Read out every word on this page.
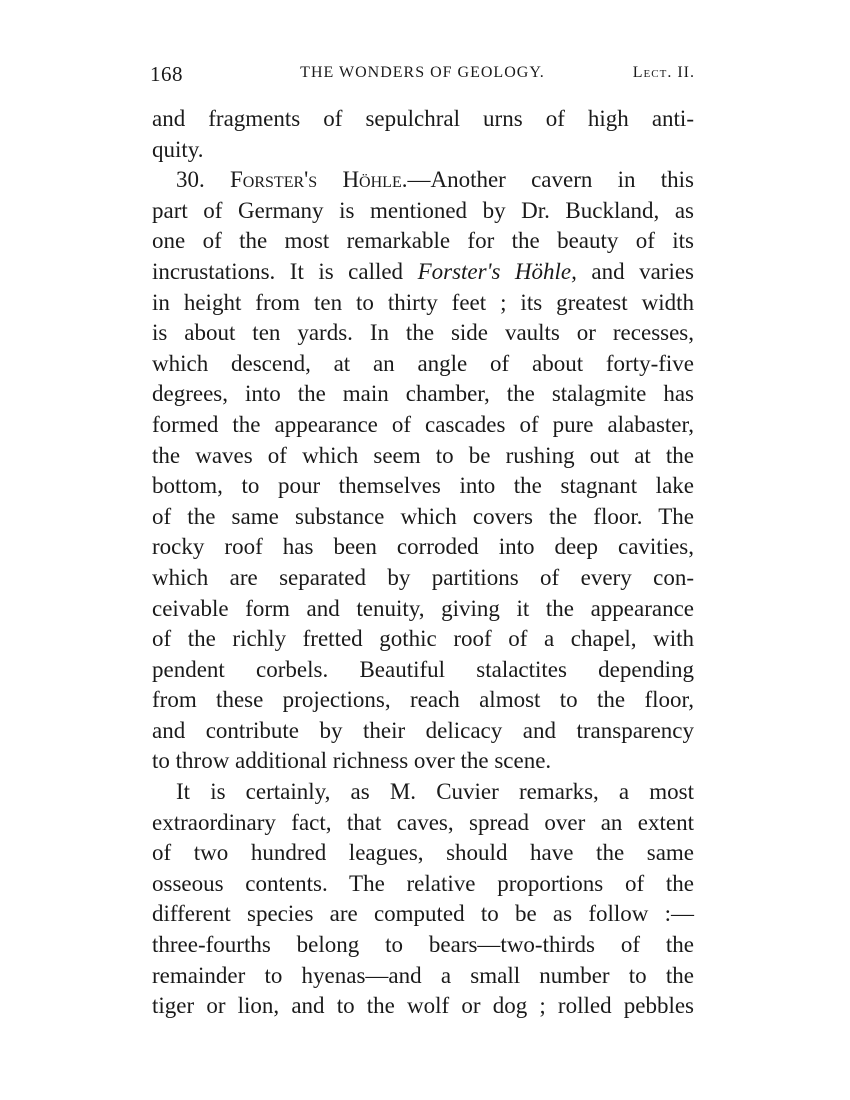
168	THE WONDERS OF GEOLOGY.	Lect. II.
and fragments of sepulchral urns of high anti-
quity.
30. Forster's Höhle.—Another cavern in this
part of Germany is mentioned by Dr. Buckland, as
one of the most remarkable for the beauty of its
incrustations. It is called Forster's Höhle, and varies
in height from ten to thirty feet ; its greatest width
is about ten yards. In the side vaults or recesses,
which descend, at an angle of about forty-five
degrees, into the main chamber, the stalagmite has
formed the appearance of cascades of pure alabaster,
the waves of which seem to be rushing out at the
bottom, to pour themselves into the stagnant lake
of the same substance which covers the floor. The
rocky roof has been corroded into deep cavities,
which are separated by partitions of every con-
ceivable form and tenuity, giving it the appearance
of the richly fretted gothic roof of a chapel, with
pendent corbels. Beautiful stalactites depending
from these projections, reach almost to the floor,
and contribute by their delicacy and transparency
to throw additional richness over the scene.
It is certainly, as M. Cuvier remarks, a most
extraordinary fact, that caves, spread over an extent
of two hundred leagues, should have the same
osseous contents. The relative proportions of the
different species are computed to be as follow :—
three-fourths belong to bears—two-thirds of the
remainder to hyenas—and a small number to the
tiger or lion, and to the wolf or dog ; rolled pebbles
